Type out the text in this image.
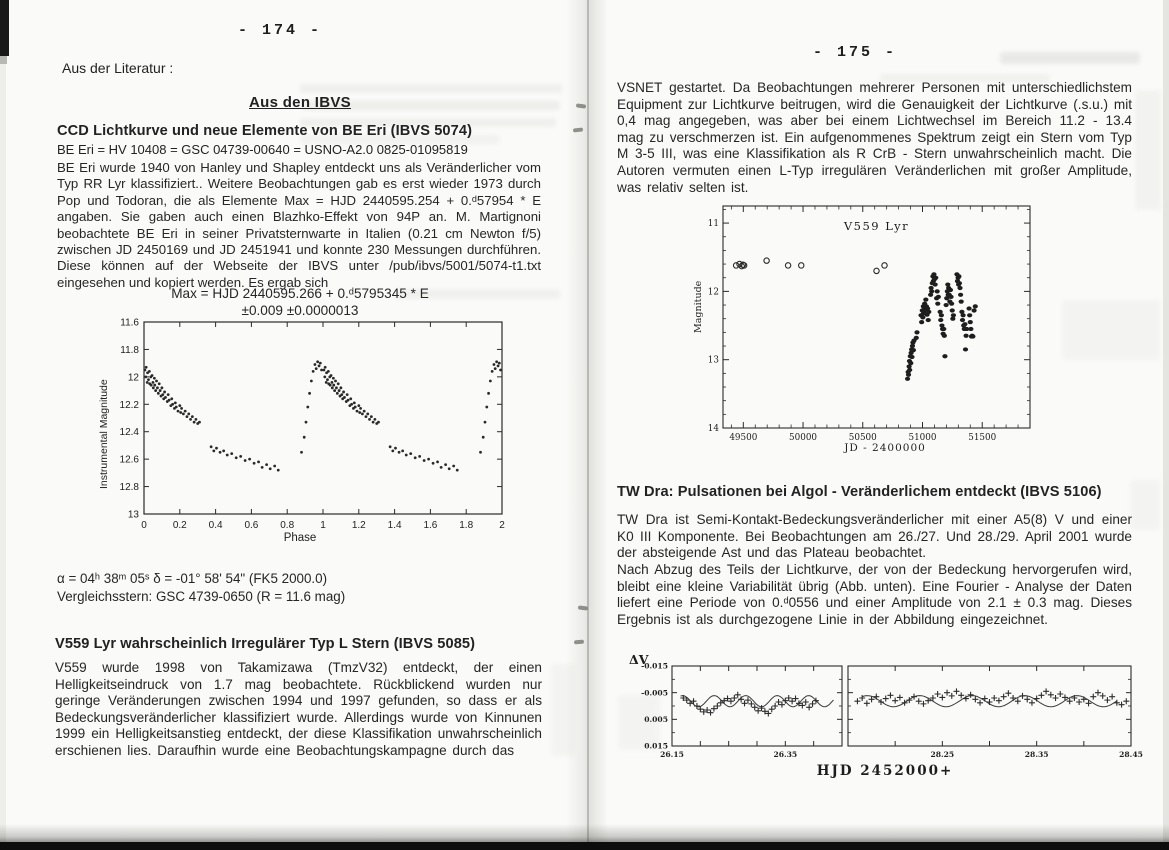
- 174 -
Aus der Literatur :
Aus den IBVS
CCD Lichtkurve und neue Elemente von BE Eri (IBVS 5074)
BE Eri = HV 10408 = GSC 04739-00640 = USNO-A2.0 0825-01095819

BE Eri wurde 1940 von Hanley und Shapley entdeckt uns als Veränderlicher vom Typ RR Lyr klassifiziert.. Weitere Beobachtungen gab es erst wieder 1973 durch Pop und Todoran, die als Elemente Max = HJD 2440595.254 + 0.ᵈ57954 * E angaben. Sie gaben auch einen Blazhko-Effekt von 94P an. M. Martignoni beobachtete BE Eri in seiner Privatsternwarte in Italien (0.21 cm Newton f/5) zwischen JD 2450169 und JD 2451941 und konnte 230 Messungen durchführen. Diese können auf der Webseite der IBVS unter /pub/ibvs/5001/5074-t1.txt eingesehen und kopiert werden. Es ergab sich

Max = HJD 2440595.266 + 0.ᵈ5795345 * E
±0.009 ±0.0000013
11.6
11.8
12
12.2
12.4
12.6
12.8
13
0	0.2 0.4 0.6 0.8	1	1.2 1.4 1.6 1.8	2
Instrumental Magnitude
Phase
α = 04ʰ 38ᵐ 05ˢ δ = -01° 58' 54" (FK5 2000.0)
Vergleichsstern: GSC 4739-0650 (R = 11.6 mag)
V559 Lyr wahrscheinlich Irregulärer Typ L Stern (IBVS 5085)

V559 wurde 1998 von Takamizawa (TmzV32) entdeckt, der einen Helligkeitseindruck von 1.7 mag beobachtete. Rückblickend wurden nur geringe Veränderungen zwischen 1994 und 1997 gefunden, so dass er als Bedeckungsveränderlicher klassifiziert wurde. Allerdings wurde von Kinnunen 1999 ein Helligkeitsanstieg entdeckt, der diese Klassifikation unwahrscheinlich erschienen lies. Daraufhin wurde eine Beobachtungskampagne durch das

- 175 -

VSNET gestartet. Da Beobachtungen mehrerer Personen mit unterschiedlichstem Equipment zur Lichtkurve beitrugen, wird die Genauigkeit der Lichtkurve (.s.u.) mit 0,4 mag angegeben, was aber bei einem Lichtwechsel im Bereich 11.2 - 13.4 mag zu verschmerzen ist. Ein aufgenommenes Spektrum zeigt ein Stern vom Typ M 3-5 III, was eine Klassifikation als R CrB - Stern unwahrscheinlich macht. Die Autoren vermuten einen L-Typ irregulären Veränderlichen mit großer Amplitude, was relativ selten ist.

11
12
13
14
49500	50000	50500	51000	51500
V559 Lyr
Magnitude
JD - 2400000
TW Dra: Pulsationen bei Algol - Veränderlichem entdeckt (IBVS 5106)

TW Dra ist Semi-Kontakt-Bedeckungsveränderlicher mit einer A5(8) V und einer K0 III Komponente. Bei Beobachtungen am 26./27. Und 28./29. April 2001 wurde der absteigende Ast und das Plateau beobachtet.

Nach Abzug des Teils der Lichtkurve, der von der Bedeckung hervorgerufen wird, bleibt eine kleine Variabilität übrig (Abb. unten). Eine Fourier - Analyse der Daten liefert eine Periode von 0.ᵈ0556 und einer Amplitude von 2.1 ± 0.3 mag. Dieses Ergebnis ist als durchgezogene Linie in der Abbildung eingezeichnet.

-0.015
-0.005
0.005
0.015
26.15	26.35	28.25	28.35	28.45
ΔV
HJD 2452000+
